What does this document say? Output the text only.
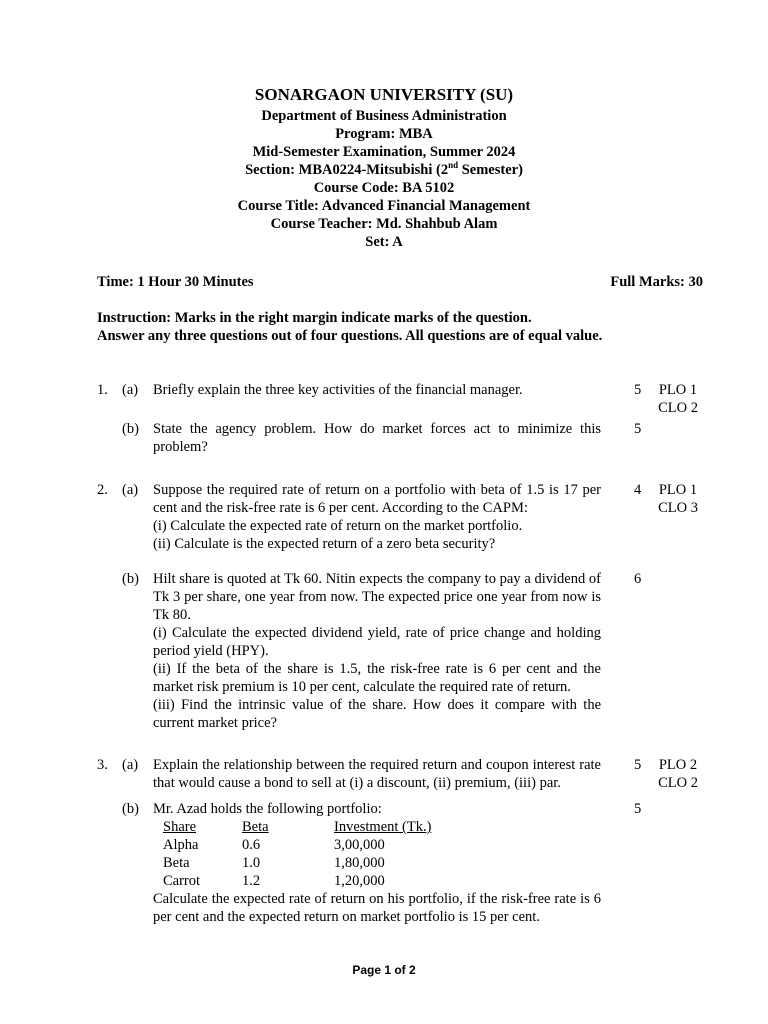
SONARGAON UNIVERSITY (SU)
Department of Business Administration
Program: MBA
Mid-Semester Examination, Summer 2024
Section: MBA0224-Mitsubishi (2nd Semester)
Course Code: BA 5102
Course Title: Advanced Financial Management
Course Teacher: Md. Shahbub Alam
Set: A
Time: 1 Hour 30 Minutes	Full Marks: 30
Instruction: Marks in the right margin indicate marks of the question.
Answer any three questions out of four questions. All questions are of equal value.
1. (a) Briefly explain the three key activities of the financial manager.	5	PLO 1
CLO 2
(b) State the agency problem. How do market forces act to minimize this problem?
5
2. (a) Suppose the required rate of return on a portfolio with beta of 1.5 is 17 per cent and the risk-free rate is 6 per cent. According to the CAPM:
(i) Calculate the expected rate of return on the market portfolio.
(ii) Calculate is the expected return of a zero beta security?
4	PLO 1
CLO 3
(b) Hilt share is quoted at Tk 60. Nitin expects the company to pay a dividend of Tk 3 per share, one year from now. The expected price one year from now is Tk 80.
(i) Calculate the expected dividend yield, rate of price change and holding period yield (HPY).
(ii) If the beta of the share is 1.5, the risk-free rate is 6 per cent and the market risk premium is 10 per cent, calculate the required rate of return.
(iii) Find the intrinsic value of the share. How does it compare with the current market price?
6
3. (a) Explain the relationship between the required return and coupon interest rate that would cause a bond to sell at (i) a discount, (ii) premium, (iii) par.
5	PLO 2
CLO 2
(b) Mr. Azad holds the following portfolio:
Share	Beta	Investment (Tk.)
Alpha	0.6	3,00,000
Beta	1.0	1,80,000
Carrot	1.2	1,20,000
Calculate the expected rate of return on his portfolio, if the risk-free rate is 6 per cent and the expected return on market portfolio is 15 per cent.
5
Page 1 of 2
